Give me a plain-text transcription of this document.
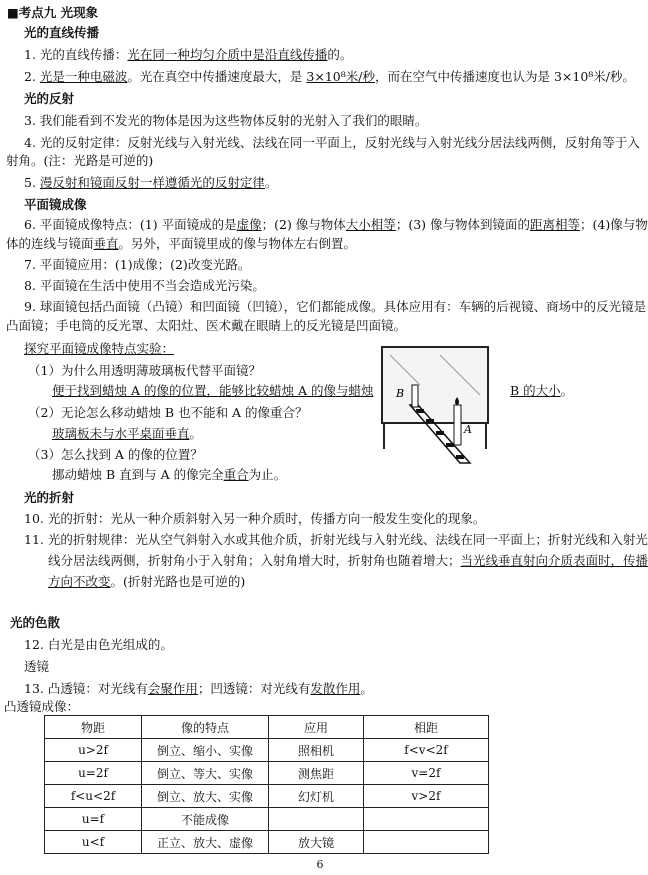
■考点九 光现象
光的直线传播
1. 光的直线传播：光在同一种均匀介质中是沿直线传播的。
2. 光是一种电磁波。光在真空中传播速度最大，是 3×10⁸米/秒，而在空气中传播速度也认为是 3×10⁸米/秒。
光的反射
3. 我们能看到不发光的物体是因为这些物体反射的光射入了我们的眼睛。
4. 光的反射定律：反射光线与入射光线、法线在同一平面上，反射光线与入射光线分居法线两侧，反射角等于入
射角。(注：光路是可逆的)
5. 漫反射和镜面反射一样遵循光的反射定律。
平面镜成像
6. 平面镜成像特点：(1) 平面镜成的是虚像；(2) 像与物体大小相等；(3) 像与物体到镜面的距离相等；(4)像与物
体的连线与镜面垂直。另外，平面镜里成的像与物体左右倒置。
7. 平面镜应用：(1)成像；(2)改变光路。
8. 平面镜在生活中使用不当会造成光污染。
9. 球面镜包括凸面镜（凸镜）和凹面镜（凹镜），它们都能成像。具体应用有：车辆的后视镜、商场中的反光镜是
凸面镜；手电筒的反光罩、太阳灶、医术戴在眼睛上的反光镜是凹面镜。
探究平面镜成像特点实验：
（1）为什么用透明薄玻璃板代替平面镜？
便于找到蜡烛 A 的像的位置，能够比较蜡烛 A 的像与蜡烛	B 的大小。
（2）无论怎么移动蜡烛 B 也不能和 A 的像重合？
玻璃板未与水平桌面垂直。
（3）怎么找到 A 的像的位置？
挪动蜡烛 B 直到与 A 的像完全重合为止。
B
A
光的折射
10. 光的折射：光从一种介质斜射入另一种介质时，传播方向一般发生变化的现象。
11. 光的折射规律：光从空气斜射入水或其他介质，折射光线与入射光线、法线在同一平面上；折射光线和入射光
线分居法线两侧，折射角小于入射角；入射角增大时，折射角也随着增大；当光线垂直射向介质表面时，传播
方向不改变。(折射光路也是可逆的)
光的色散
12. 白光是由色光组成的。
透镜
13. 凸透镜：对光线有会聚作用；凹透镜：对光线有发散作用。
凸透镜成像：
物距	像的特点	应用	相距
u>2f	倒立、缩小、实像	照相机	f<v<2f
u=2f	倒立、等大、实像	测焦距	v=2f
f<u<2f	倒立、放大、实像	幻灯机	v>2f
u=f	不能成像		
u<f	正立、放大、虚像	放大镜	
6
